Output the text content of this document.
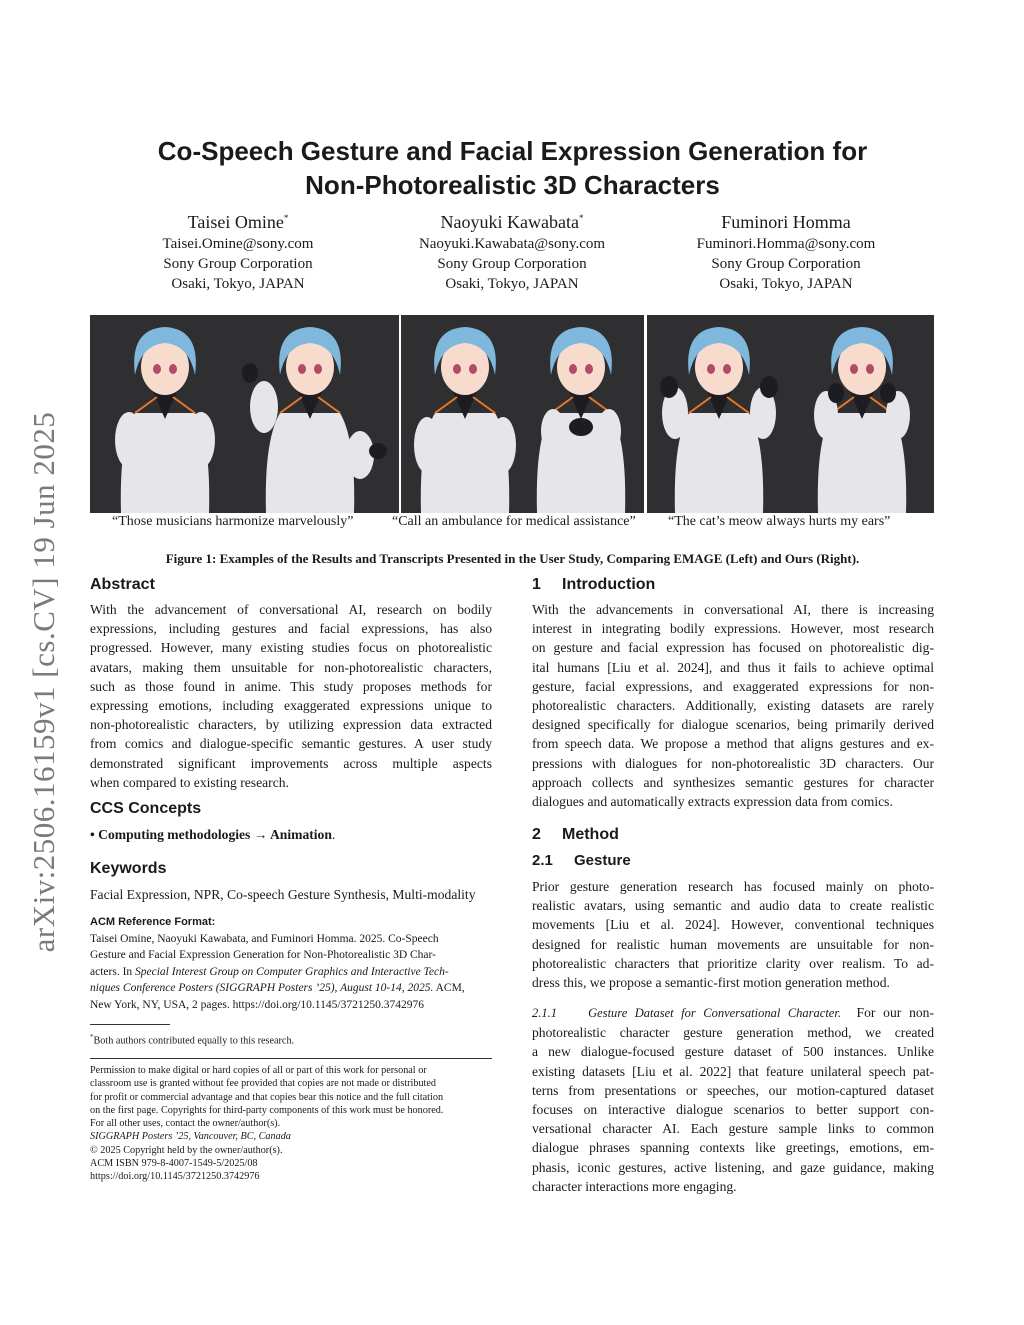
arXiv:2506.16159v1 [cs.CV] 19 Jun 2025
Co-Speech Gesture and Facial Expression Generation for
Non-Photorealistic 3D Characters
Taisei Omine*
Taisei.Omine@sony.com
Sony Group Corporation
Osaki, Tokyo, JAPAN
Naoyuki Kawabata*
Naoyuki.Kawabata@sony.com
Sony Group Corporation
Osaki, Tokyo, JAPAN
Fuminori Homma
Fuminori.Homma@sony.com
Sony Group Corporation
Osaki, Tokyo, JAPAN
“Those musicians harmonize marvelously”	“Call an ambulance for medical assistance” “The cat’s meow always hurts my ears”
Figure 1: Examples of the Results and Transcripts Presented in the User Study, Comparing EMAGE (Left) and Ours (Right).
Abstract
With the advancement of conversational AI, research on bodily
expressions, including gestures and facial expressions, has also
progressed. However, many existing studies focus on photorealistic
avatars, making them unsuitable for non-photorealistic characters,
such as those found in anime. This study proposes methods for
expressing emotions, including exaggerated expressions unique to
non-photorealistic characters, by utilizing expression data extracted
from comics and dialogue-specific semantic gestures. A user study
demonstrated significant improvements across multiple aspects
when compared to existing research.
CCS Concepts
• Computing methodologies → Animation.
Keywords
Facial Expression, NPR, Co-speech Gesture Synthesis, Multi-modality
ACM Reference Format:
Taisei Omine, Naoyuki Kawabata, and Fuminori Homma. 2025. Co-Speech
Gesture and Facial Expression Generation for Non-Photorealistic 3D Char-
acters. In Special Interest Group on Computer Graphics and Interactive Tech-
niques Conference Posters (SIGGRAPH Posters ’25), August 10-14, 2025. ACM,
New York, NY, USA, 2 pages. https://doi.org/10.1145/3721250.3742976
*Both authors contributed equally to this research.
Permission to make digital or hard copies of all or part of this work for personal or
classroom use is granted without fee provided that copies are not made or distributed
for profit or commercial advantage and that copies bear this notice and the full citation
on the first page. Copyrights for third-party components of this work must be honored.
For all other uses, contact the owner/author(s).
SIGGRAPH Posters ’25, Vancouver, BC, Canada
© 2025 Copyright held by the owner/author(s).
ACM ISBN 979-8-4007-1549-5/2025/08
https://doi.org/10.1145/3721250.3742976
1 Introduction
With the advancements in conversational AI, there is increasing
interest in integrating bodily expressions. However, most research
on gesture and facial expression has focused on photorealistic dig-
ital humans [Liu et al. 2024], and thus it fails to achieve optimal
gesture, facial expressions, and exaggerated expressions for non-
photorealistic characters. Additionally, existing datasets are rarely
designed specifically for dialogue scenarios, being primarily derived
from speech data. We propose a method that aligns gestures and ex-
pressions with dialogues for non-photorealistic 3D characters. Our
approach collects and synthesizes semantic gestures for character
dialogues and automatically extracts expression data from comics.
2 Method
2.1 Gesture
Prior gesture generation research has focused mainly on photo-
realistic avatars, using semantic and audio data to create realistic
movements [Liu et al. 2024]. However, conventional techniques
designed for realistic human movements are unsuitable for non-
photorealistic characters that prioritize clarity over realism. To ad-
dress this, we propose a semantic-first motion generation method.
2.1.1 Gesture Dataset for Conversational Character. For our non-
photorealistic character gesture generation method, we created
a new dialogue-focused gesture dataset of 500 instances. Unlike
existing datasets [Liu et al. 2022] that feature unilateral speech pat-
terns from presentations or speeches, our motion-captured dataset
focuses on interactive dialogue scenarios to better support con-
versational character AI. Each gesture sample links to common
dialogue phrases spanning contexts like greetings, emotions, em-
phasis, iconic gestures, active listening, and gaze guidance, making
character interactions more engaging.
